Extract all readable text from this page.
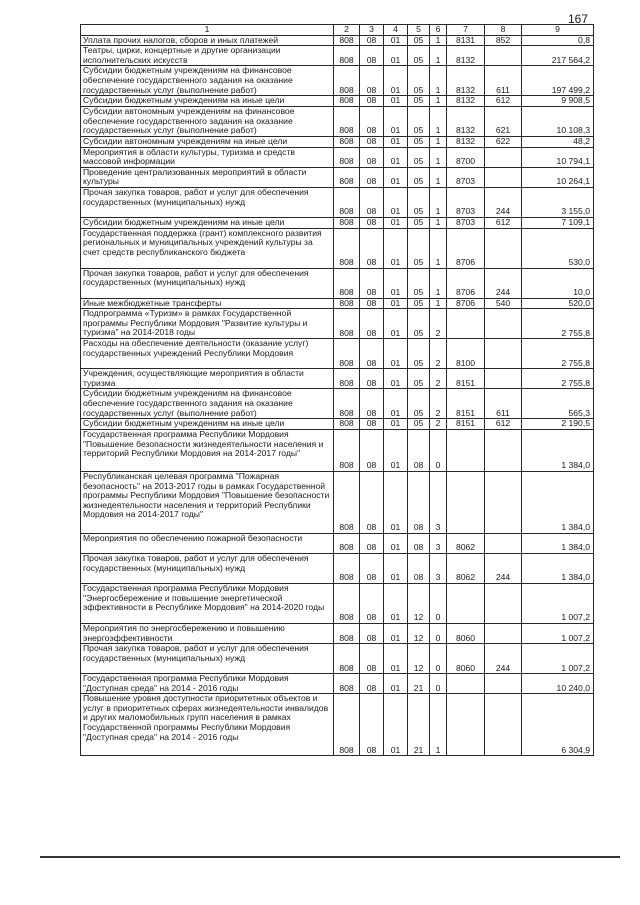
167
1	2	3	4	5	6	7	8	9
Уплата прочих налогов, сборов и иных платежей	808	08	01	05	1	8131	852	0,8
Театры, цирки, концертные и другие организации исполнительских искусств	808	08	01	05	1	8132		217 564,2
Субсидии бюджетным учреждениям на финансовое обеспечение государственного задания на оказание государственных услуг (выполнение работ)	808	08	01	05	1	8132	611	197 499,2
Субсидии бюджетным учреждениям на иные цели	808	08	01	05	1	8132	612	9 908,5
Субсидии автономным учреждениям на финансовое обеспечение государственного задания на оказание государственных услуг (выполнение работ)	808	08	01	05	1	8132	621	10 108,3
Субсидии автономным учреждениям на иные цели	808	08	01	05	1	8132	622	48,2
Мероприятия в области культуры, туризма и средств массовой информации	808	08	01	05	1	8700		10 794,1
Проведение централизованных мероприятий в области культуры	808	08	01	05	1	8703		10 264,1
Прочая закупка товаров, работ и услуг для обеспечения государственных (муниципальных) нужд	808	08	01	05	1	8703	244	3 155,0
Субсидии бюджетным учреждениям на иные цели	808	08	01	05	1	8703	612	7 109,1
Государственная поддержка (грант) комплексного развития региональных и муниципальных учреждений культуры за счет средств республиканского бюджета	808	08	01	05	1	8706		530,0
Прочая закупка товаров, работ и услуг для обеспечения государственных (муниципальных) нужд	808	08	01	05	1	8706	244	10,0
Иные межбюджетные трансферты	808	08	01	05	1	8706	540	520,0
Подпрограмма «Туризм» в рамках Государственной программы Республики Мордовия "Развитие культуры и туризма" на 2014-2018 годы	808	08	01	05	2			2 755,8
Расходы на обеспечение деятельности (оказание услуг) государственных учреждений Республики Мордовия	808	08	01	05	2	8100		2 755,8
Учреждения, осуществляющие мероприятия в области туризма	808	08	01	05	2	8151		2 755,8
Субсидии бюджетным учреждениям на финансовое обеспечение государственного задания на оказание государственных услуг (выполнение работ)	808	08	01	05	2	8151	611	565,3
Субсидии бюджетным учреждениям на иные цели	808	08	01	05	2	8151	612	2 190,5
Государственная программа Республики Мордовия "Повышение безопасности жизнедеятельности населения и территорий Республики Мордовия на 2014-2017 годы"	808	08	01	08	0			1 384,0
Республиканская целевая программа "Пожарная безопасность" на 2013-2017 годы в рамках Государственной программы Республики Мордовия "Повышение безопасности жизнедеятельности населения и территорий Республики Мордовия на 2014-2017 годы"	808	08	01	08	3			1 384,0
Мероприятия по обеспечению пожарной безопасности	808	08	01	08	3	8062		1 384,0
Прочая закупка товаров, работ и услуг для обеспечения государственных (муниципальных) нужд	808	08	01	08	3	8062	244	1 384,0
Государственная программа Республики Мордовия "Энергосбережение и повышение энергетической эффективности в Республике Мордовия" на 2014-2020 годы	808	08	01	12	0			1 007,2
Мероприятия по энергосбережению и повышению энергоэффективности	808	08	01	12	0	8060		1 007,2
Прочая закупка товаров, работ и услуг для обеспечения государственных (муниципальных) нужд	808	08	01	12	0	8060	244	1 007,2
Государственная программа Республики Мордовия "Доступная среда" на 2014 - 2016 годы	808	08	01	21	0			10 240,0
Повышение уровня доступности приоритетных объектов и услуг в приоритетных сферах жизнедеятельности инвалидов и других маломобильных групп населения в рамках Государственной программы Республики Мордовия "Доступная среда" на 2014 - 2016 годы	808	08	01	21	1			6 304,9
